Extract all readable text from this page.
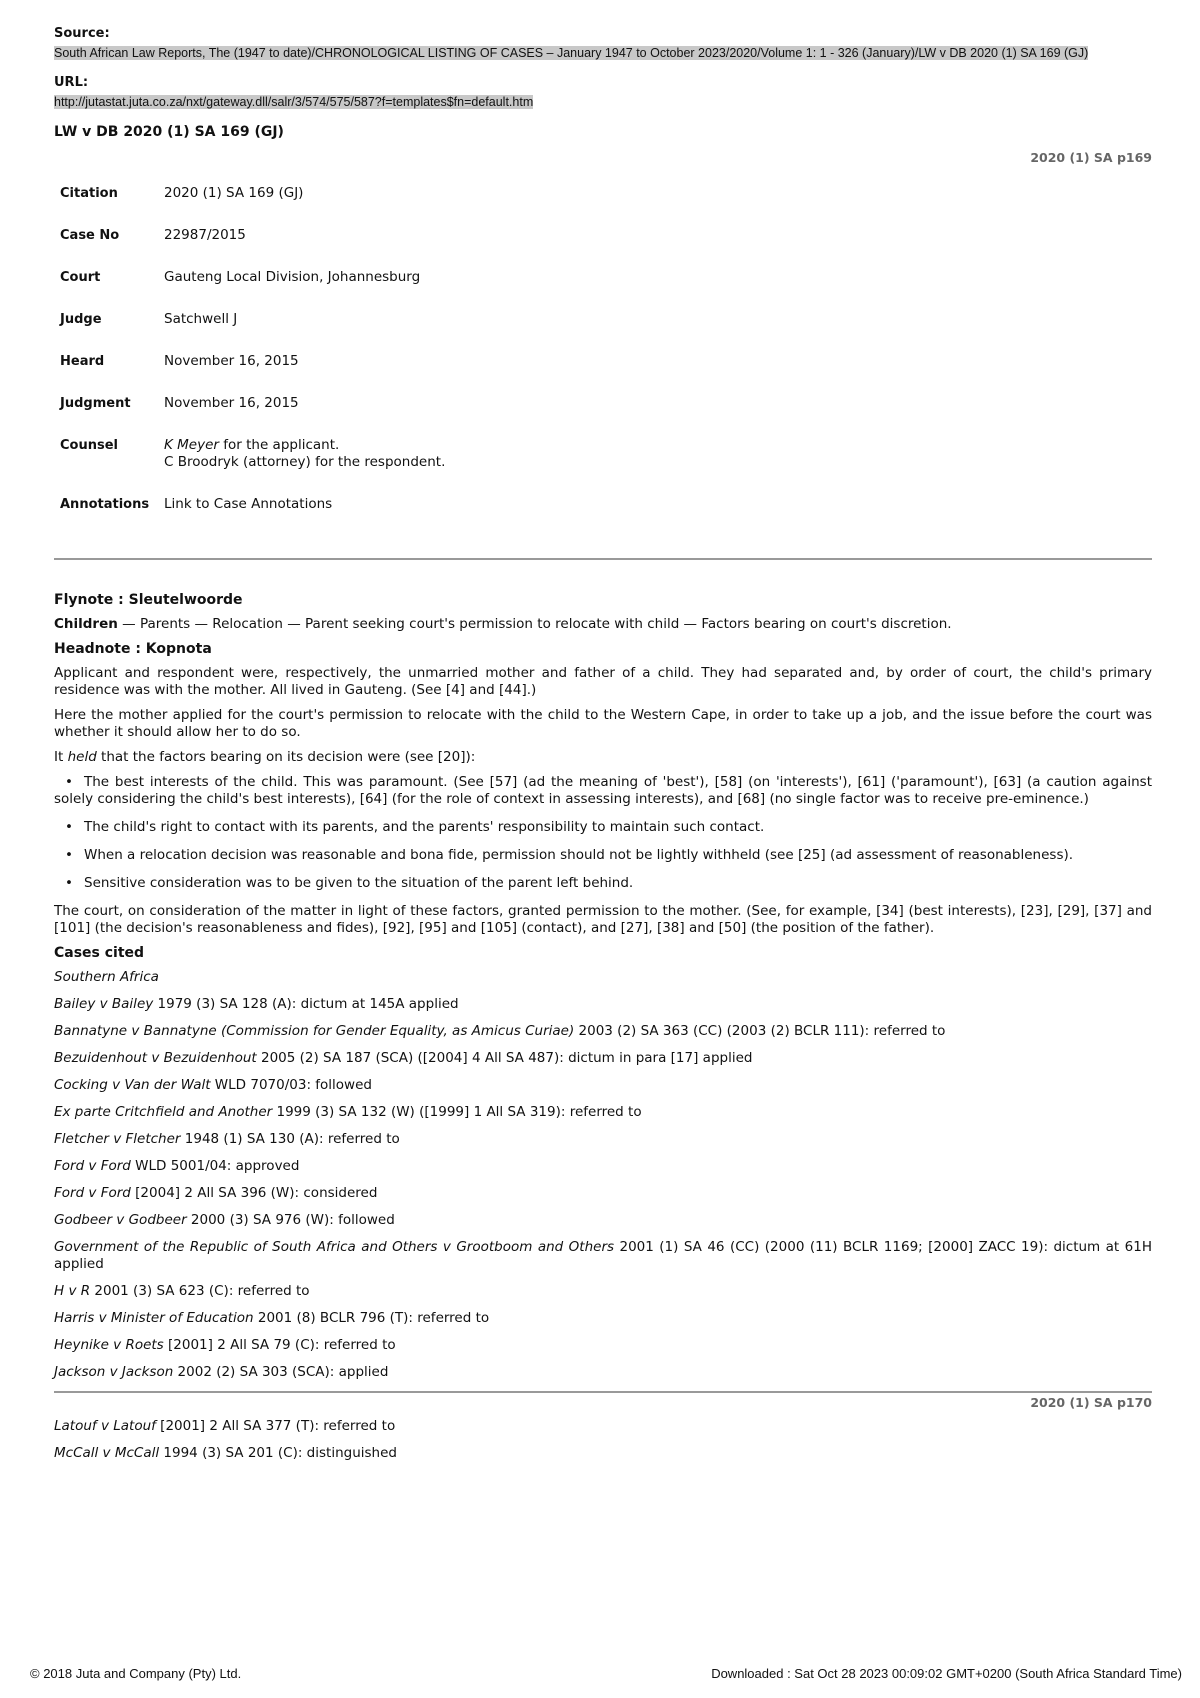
Source:

South African Law Reports, The (1947 to date)/CHRONOLOGICAL LISTING OF CASES – January 1947 to October 2023/2020/Volume 1: 1 - 326 (January)/LW v DB 2020 (1) SA 169 (GJ)

URL:

http://jutastat.juta.co.za/nxt/gateway.dll/salr/3/574/575/587?f=templates$fn=default.htm

LW v DB 2020 (1) SA 169 (GJ)

2020 (1) SA p169

Citation	2020 (1) SA 169 (GJ)
Case No	22987/2015
Court	Gauteng Local Division, Johannesburg
Judge	Satchwell J
Heard	November 16, 2015
Judgment	November 16, 2015
Counsel	K Meyer for the applicant.
C Broodryk (attorney) for the respondent.
Annotations	Link to Case Annotations

Flynote : Sleutelwoorde

Children — Parents — Relocation — Parent seeking court's permission to relocate with child — Factors bearing on court's discretion.

Headnote : Kopnota

Applicant and respondent were, respectively, the unmarried mother and father of a child. They had separated and, by order of court, the child's primary residence was with the mother. All lived in Gauteng. (See [4] and [44].)

Here the mother applied for the court's permission to relocate with the child to the Western Cape, in order to take up a job, and the issue before the court was whether it should allow her to do so.

It held that the factors bearing on its decision were (see [20]):

• The best interests of the child. This was paramount. (See [57] (ad the meaning of 'best'), [58] (on 'interests'), [61] ('paramount'), [63] (a caution against solely considering the child's best interests), [64] (for the role of context in assessing interests), and [68] (no single factor was to receive pre-eminence.)

• The child's right to contact with its parents, and the parents' responsibility to maintain such contact.

• When a relocation decision was reasonable and bona fide, permission should not be lightly withheld (see [25] (ad assessment of reasonableness).

• Sensitive consideration was to be given to the situation of the parent left behind.

The court, on consideration of the matter in light of these factors, granted permission to the mother. (See, for example, [34] (best interests), [23], [29], [37] and [101] (the decision's reasonableness and fides), [92], [95] and [105] (contact), and [27], [38] and [50] (the position of the father).

Cases cited

Southern Africa

Bailey v Bailey 1979 (3) SA 128 (A): dictum at 145A applied

Bannatyne v Bannatyne (Commission for Gender Equality, as Amicus Curiae) 2003 (2) SA 363 (CC) (2003 (2) BCLR 111): referred to

Bezuidenhout v Bezuidenhout 2005 (2) SA 187 (SCA) ([2004] 4 All SA 487): dictum in para [17] applied

Cocking v Van der Walt WLD 7070/03: followed

Ex parte Critchfield and Another 1999 (3) SA 132 (W) ([1999] 1 All SA 319): referred to

Fletcher v Fletcher 1948 (1) SA 130 (A): referred to

Ford v Ford WLD 5001/04: approved

Ford v Ford [2004] 2 All SA 396 (W): considered

Godbeer v Godbeer 2000 (3) SA 976 (W): followed

Government of the Republic of South Africa and Others v Grootboom and Others 2001 (1) SA 46 (CC) (2000 (11) BCLR 1169; [2000] ZACC 19): dictum at 61H applied

H v R 2001 (3) SA 623 (C): referred to

Harris v Minister of Education 2001 (8) BCLR 796 (T): referred to

Heynike v Roets [2001] 2 All SA 79 (C): referred to

Jackson v Jackson 2002 (2) SA 303 (SCA): applied

2020 (1) SA p170

Latouf v Latouf [2001] 2 All SA 377 (T): referred to

McCall v McCall 1994 (3) SA 201 (C): distinguished

© 2018 Juta and Company (Pty) Ltd.	Downloaded : Sat Oct 28 2023 00:09:02 GMT+0200 (South Africa Standard Time)
